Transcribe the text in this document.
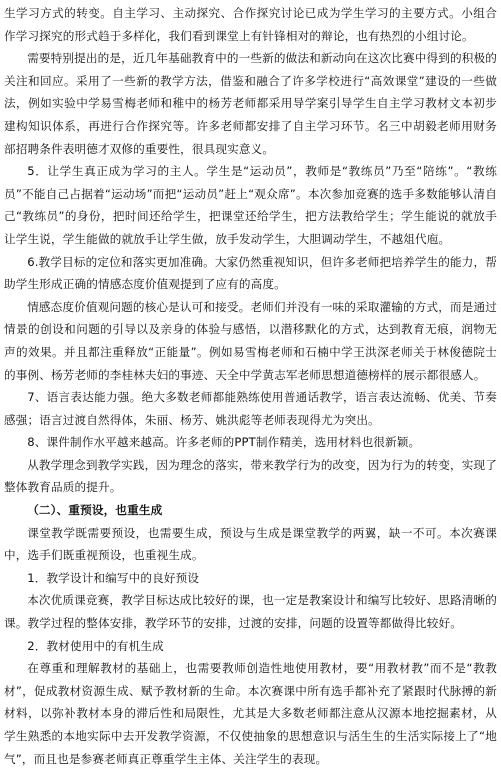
生学习方式的转变。自主学习、主动探究、合作探究讨论已成为学生学习的主要方式。小组合作学习探究的形式趋于多样化，我们看到课堂上有针锋相对的辩论，也有热烈的小组讨论。

需要特别提出的是，近几年基础教育中的一些新的做法和新动向在这次比赛中得到的积极的关注和回应。采用了一些新的教学方法，借鉴和融合了许多学校进行“高效课堂”建设的一些做法，例如实验中学易雪梅老师和稚中的杨芳老师都采用导学案引导学生自主学习教材文本初步建构知识体系，再进行合作探究等。许多老师都安排了自主学习环节。名三中胡毅老师用财务部招聘条件表明德才双修的重要性，很具现实意义。

5．让学生真正成为学习的主人。学生是“运动员”，教师是“教练员”乃至“陪练”。“教练员”不能自己占据着“运动场”而把“运动员”赶上“观众席”。本次参加竞赛的选手多数能够认清自己“教练员”的身份，把时间还给学生，把课堂还给学生，把方法教给学生；学生能说的就放手让学生说，学生能做的就放手让学生做，放手发动学生，大胆调动学生，不越俎代庖。

6.教学目标的定位和落实更加准确。大家仍然重视知识，但许多老师把培养学生的能力，帮助学生形成正确的情感态度价值观提到了应有的高度。

情感态度价值观问题的核心是认可和接受。老师们并没有一味的采取灌输的方式，而是通过情景的创设和问题的引导以及亲身的体验与感悟，以潜移默化的方式，达到教育无痕，润物无声的效果。并且都注重释放“正能量”。例如易雪梅老师和石楠中学王洪深老师关于林俊德院士的事例、杨芳老师的李桂林夫妇的事迹、天全中学黄志军老师思想道德榜样的展示都很感人。

7、语言表达能力强。绝大多数老师都能熟练使用普通话教学，语言表达流畅、优美、节奏感强；语言过渡自然得体，朱丽、杨芳、姚洪彪等老师表现得尤为突出。

8、课件制作水平越来越高。许多老师的PPT制作精美，选用材料也很新颖。

从教学理念到教学实践，因为理念的落实，带来教学行为的改变，因为行为的转变，实现了整体教育品质的提升。

（二）、重预设，也重生成

课堂教学既需要预设，也需要生成，预设与生成是课堂教学的两翼，缺一不可。本次赛课中，选手们既重视预设，也重视生成。

1．教学设计和编写中的良好预设

本次优质课竞赛，教学目标达成比较好的课，也一定是教案设计和编写比较好、思路清晰的课。教学过程的整体安排，教学环节的安排，过渡的安排，问题的设置等都做得比较好。

2．教材使用中的有机生成

在尊重和理解教材的基础上，也需要教师创造性地使用教材，要“用教材教”而不是“教教材”，促成教材资源生成、赋予教材新的生命。本次赛课中所有选手都补充了紧跟时代脉搏的新材料，以弥补教材本身的滞后性和局限性，尤其是大多数老师都注意从汉源本地挖掘素材，从学生熟悉的本地实际中去开发教学资源，不仅使抽象的思想意识与活生生的生活实际接上了“地气”，而且也是参赛老师真正尊重学生主体、关注学生的表现。
